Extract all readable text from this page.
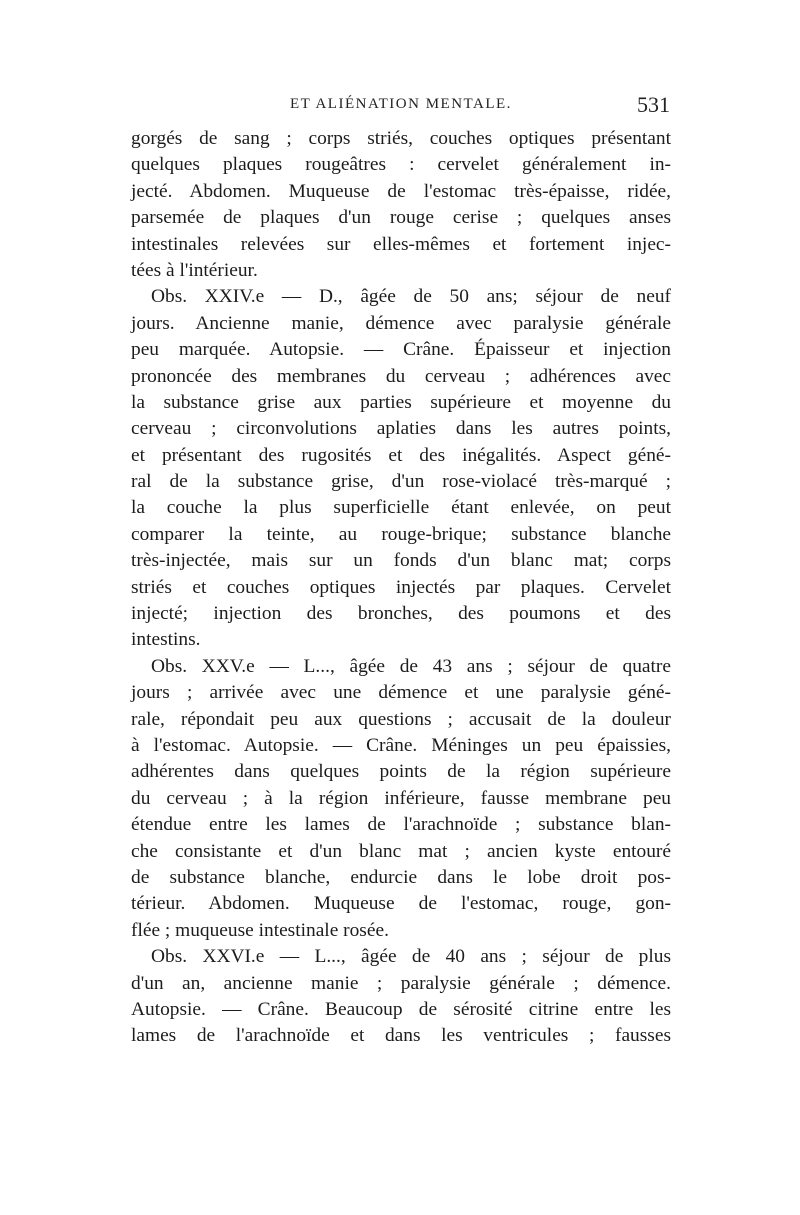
ET ALIÉNATION MENTALE.	531
gorgés de sang ; corps striés, couches optiques présentant
quelques plaques rougeâtres : cervelet généralement in-
jecté. Abdomen. Muqueuse de l'estomac très-épaisse, ridée,
parsemée de plaques d'un rouge cerise ; quelques anses
intestinales relevées sur elles-mêmes et fortement injec-
tées à l'intérieur.
Obs. XXIV.e — D., âgée de 50 ans; séjour de neuf
jours. Ancienne manie, démence avec paralysie générale
peu marquée. Autopsie. — Crâne. Épaisseur et injection
prononcée des membranes du cerveau ; adhérences avec
la substance grise aux parties supérieure et moyenne du
cerveau ; circonvolutions aplaties dans les autres points,
et présentant des rugosités et des inégalités. Aspect géné-
ral de la substance grise, d'un rose-violacé très-marqué ;
la couche la plus superficielle étant enlevée, on peut
comparer la teinte, au rouge-brique; substance blanche
très-injectée, mais sur un fonds d'un blanc mat; corps
striés et couches optiques injectés par plaques. Cervelet
injecté; injection des bronches, des poumons et des
intestins.
Obs. XXV.e — L..., âgée de 43 ans ; séjour de quatre
jours ; arrivée avec une démence et une paralysie géné-
rale, répondait peu aux questions ; accusait de la douleur
à l'estomac. Autopsie. — Crâne. Méninges un peu épaissies,
adhérentes dans quelques points de la région supérieure
du cerveau ; à la région inférieure, fausse membrane peu
étendue entre les lames de l'arachnoïde ; substance blan-
che consistante et d'un blanc mat ; ancien kyste entouré
de substance blanche, endurcie dans le lobe droit pos-
térieur. Abdomen. Muqueuse de l'estomac, rouge, gon-
flée ; muqueuse intestinale rosée.
Obs. XXVI.e — L..., âgée de 40 ans ; séjour de plus
d'un an, ancienne manie ; paralysie générale ; démence.
Autopsie. — Crâne. Beaucoup de sérosité citrine entre les
lames de l'arachnoïde et dans les ventricules ; fausses
